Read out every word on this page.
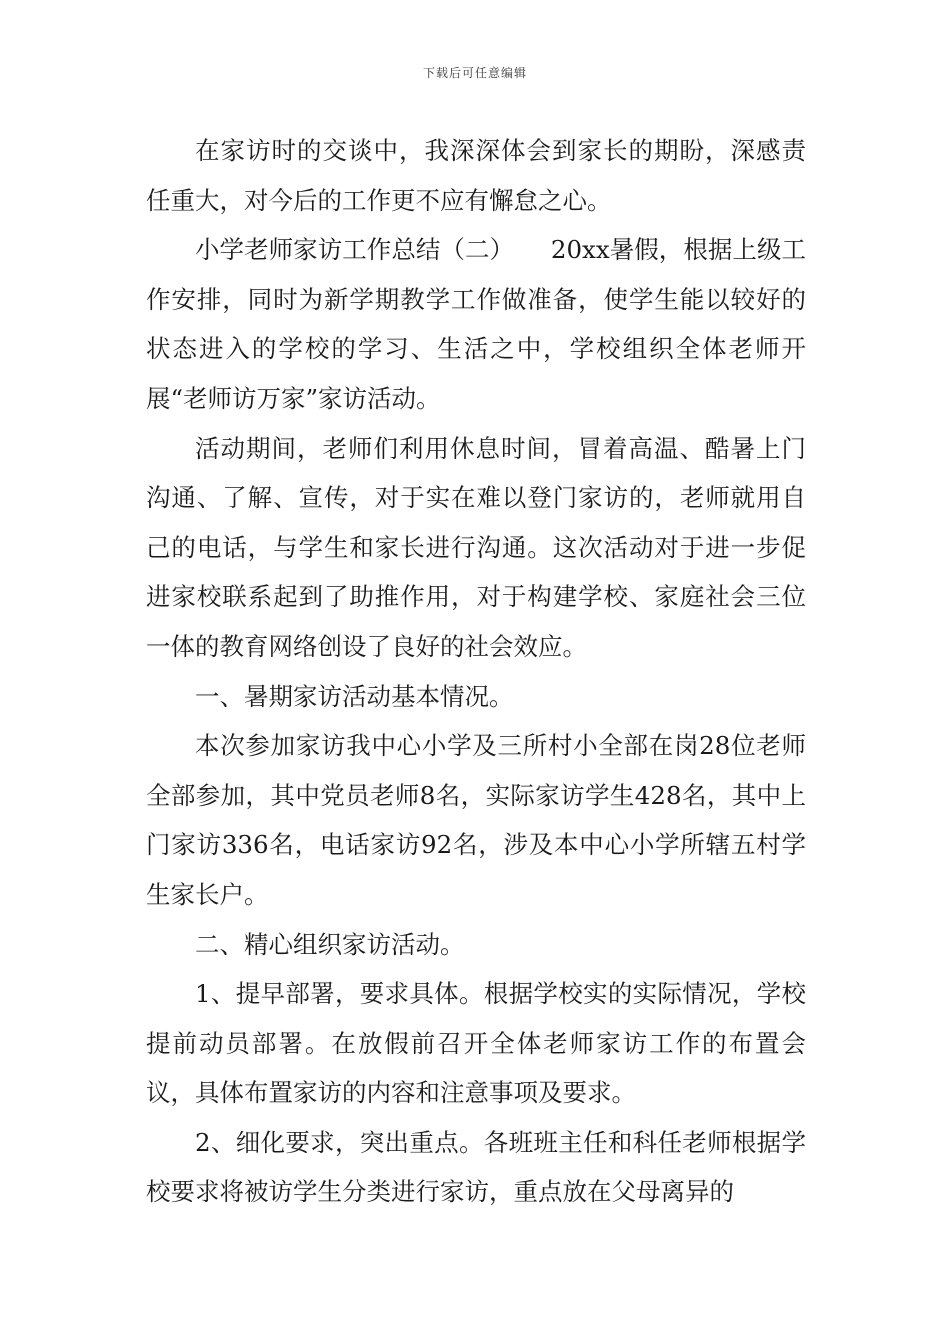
下载后可任意编辑

在家访时的交谈中，我深深体会到家长的期盼，深感责任重大，对今后的工作更不应有懈怠之心。

小学老师家访工作总结（二）　　20xx暑假，根据上级工作安排，同时为新学期教学工作做准备，使学生能以较好的状态进入的学校的学习、生活之中，学校组织全体老师开展“老师访万家”家访活动。

活动期间，老师们利用休息时间，冒着高温、酷暑上门沟通、了解、宣传，对于实在难以登门家访的，老师就用自己的电话，与学生和家长进行沟通。这次活动对于进一步促进家校联系起到了助推作用，对于构建学校、家庭社会三位一体的教育网络创设了良好的社会效应。

一、暑期家访活动基本情况。

本次参加家访我中心小学及三所村小全部在岗28位老师全部参加，其中党员老师8名，实际家访学生428名，其中上门家访336名，电话家访92名，涉及本中心小学所辖五村学生家长户。

二、精心组织家访活动。

1、提早部署，要求具体。根据学校实的实际情况，学校提前动员部署。在放假前召开全体老师家访工作的布置会议，具体布置家访的内容和注意事项及要求。

2、细化要求，突出重点。各班班主任和科任老师根据学校要求将被访学生分类进行家访，重点放在父母离异的
